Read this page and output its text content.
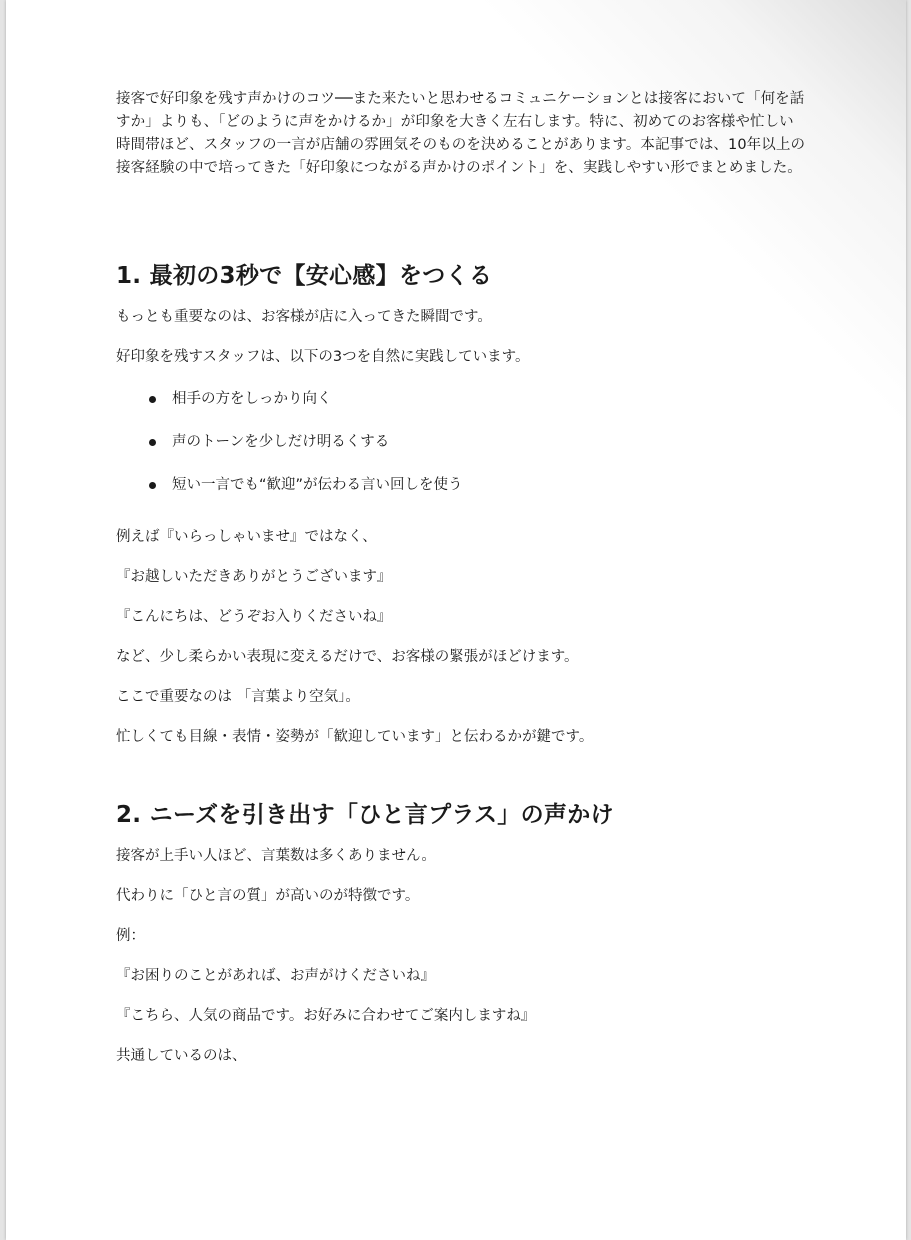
接客で好印象を残す声かけのコツ──また来たいと思わせるコミュニケーションとは接客において「何を話すか」よりも、「どのように声をかけるか」が印象を大きく左右します。特に、初めてのお客様や忙しい時間帯ほど、スタッフの一言が店舗の雰囲気そのものを決めることがあります。本記事では、10年以上の接客経験の中で培ってきた「好印象につながる声かけのポイント」を、実践しやすい形でまとめました。

1. 最初の3秒で【安心感】をつくる

もっとも重要なのは、お客様が店に入ってきた瞬間です。

好印象を残すスタッフは、以下の3つを自然に実践しています。

相手の方をしっかり向く
声のトーンを少しだけ明るくする
短い一言でも“歓迎”が伝わる言い回しを使う

例えば『いらっしゃいませ』ではなく、

『お越しいただきありがとうございます』

『こんにちは、どうぞお入りくださいね』

など、少し柔らかい表現に変えるだけで、お客様の緊張がほどけます。

ここで重要なのは 「言葉より空気」。

忙しくても目線・表情・姿勢が「歓迎しています」と伝わるかが鍵です。

2. ニーズを引き出す「ひと言プラス」の声かけ

接客が上手い人ほど、言葉数は多くありません。

代わりに「ひと言の質」が高いのが特徴です。

例：

『お困りのことがあれば、お声がけくださいね』

『こちら、人気の商品です。お好みに合わせてご案内しますね』

共通しているのは、
